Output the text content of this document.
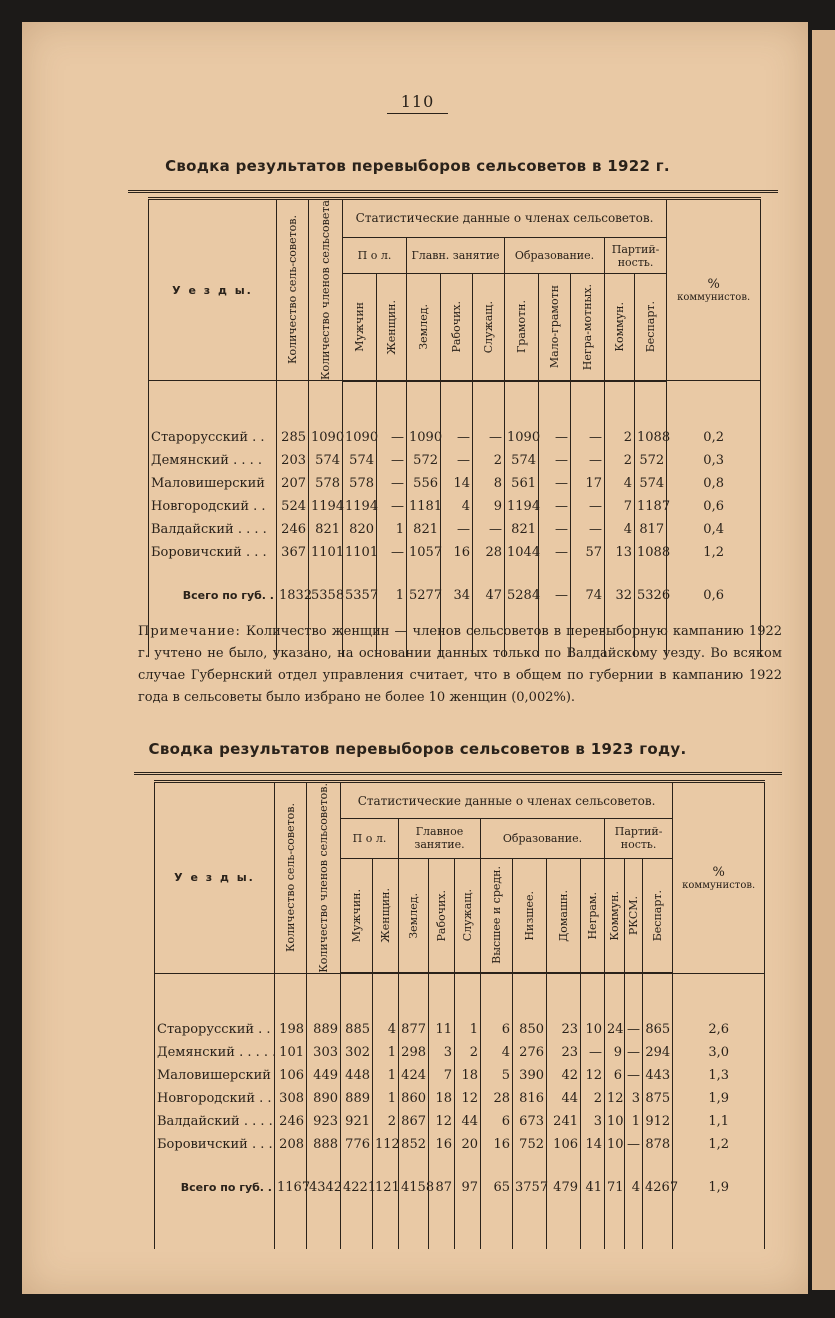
110
Сводка результатов перевыборов сельсоветов в 1922 г.
У е з д ы.	Количество сель-советов.	Количество членов сельсовета	Статистические данные о членах сельсоветов.										%
коммунистов.

			П о л.		Главн. занятие			Образование.			Партий-ность.		

			Мужчин	Женщин.	Землед.	Рабочих.	Служащ.	Грамотн.	Мало-грамотн	Негра-мотных.	Коммун.	Беспарт.	

Старорусский . .	285	1090	1090	—	1090	—	—	1090	—	—	2	1088	0,2
Демянский . . . .	203	574	574	—	572	—	2	574	—	—	2	572	0,3
Маловишерский	207	578	578	—	556	14	8	561	—	17	4	574	0,8
Новгородский . .	524	1194	1194	—	1181	4	9	1194	—	—	7	1187	0,6
Валдайский . . . .	246	821	820	1	821	—	—	821	—	—	4	817	0,4
Боровичский . . .	367	1101	1101	—	1057	16	28	1044	—	57	13	1088	1,2

Всего по губ. .	1832	5358	5357	1	5277	34	47	5284	—	74	32	5326	0,6

Примечание: Количество женщин — членов сельсоветов в перевыборную кампанию 1922 г. учтено не было, указано, на основании данных только по Валдайскому уезду. Во всяком случае Губернский отдел управления считает, что в общем по губернии в кампанию 1922 года в сельсоветы было избрано не более 10 женщин (0,002%).
Сводка результатов перевыборов сельсоветов в 1923 году.
У е з д ы.	Количество сель-советов.	Количество членов сельсоветов.	Статистические данные о членах сельсоветов.												%
коммунистов.

			П о л.		Главное занятие.			Образование.				Партий-ность.			

			Мужчин.	Женщин.	Землед.	Рабочих.	Служащ.	Высшее и средн.	Низшее.	Домашн.	Неграм.	Коммун.	РКСМ.	Беспарт.	

Старорусский . .	198	889	885	4	877	11	1	6	850	23	10	24	—	865	2,6
Демянский . . . . .	101	303	302	1	298	3	2	4	276	23	—	9	—	294	3,0
Маловишерский	106	449	448	1	424	7	18	5	390	42	12	6	—	443	1,3
Новгородский . .	308	890	889	1	860	18	12	28	816	44	2	12	3	875	1,9
Валдайский . . . .	246	923	921	2	867	12	44	6	673	241	3	10	1	912	1,1
Боровичский . . .	208	888	776	112	852	16	20	16	752	106	14	10	—	878	1,2

Всего по губ. .	1167	4342	4221	121	4158	87	97	65	3757	479	41	71	4	4267	1,9
